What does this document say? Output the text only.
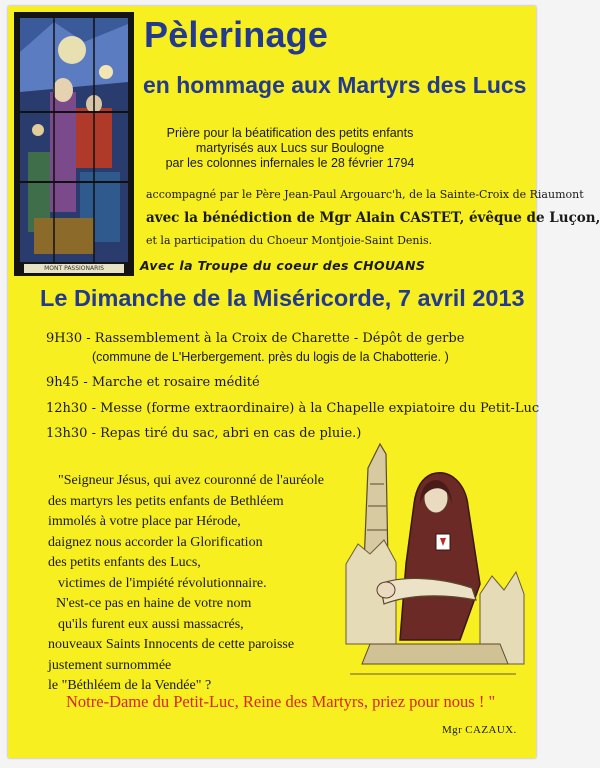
MONT PASSIONARIS
Pèlerinage
en hommage aux Martyrs des Lucs
Prière pour la béatification des petits enfants
martyrisés aux Lucs sur Boulogne
par les colonnes infernales le 28 février 1794
accompagné par le Père Jean-Paul Argouarc'h, de la Sainte-Croix de Riaumont
avec la bénédiction de Mgr Alain CASTET, évêque de Luçon,
et la participation du Choeur Montjoie-Saint Denis.
Avec la Troupe du coeur des CHOUANS
Le Dimanche de la Miséricorde, 7 avril 2013
9H30 - Rassemblement à la Croix de Charette - Dépôt de gerbe
(commune de L'Herbergement. près du logis de la Chabotterie. )
9h45 - Marche et rosaire médité
12h30 - Messe (forme extraordinaire) à la Chapelle expiatoire du Petit-Luc
13h30 - Repas tiré du sac, abri en cas de pluie.)
"Seigneur Jésus, qui avez couronné de l'auréole
des martyrs les petits enfants de Bethléem
immolés à votre place par Hérode,
daignez nous accorder la Glorification
des petits enfants des Lucs,
victimes de l'impiété révolutionnaire.
N'est-ce pas en haine de votre nom
qu'ils furent eux aussi massacrés,
nouveaux Saints Innocents de cette paroisse
justement surnommée
le "Béthléem de la Vendée" ?
Notre-Dame du Petit-Luc, Reine des Martyrs, priez pour nous ! "
Mgr CAZAUX.
